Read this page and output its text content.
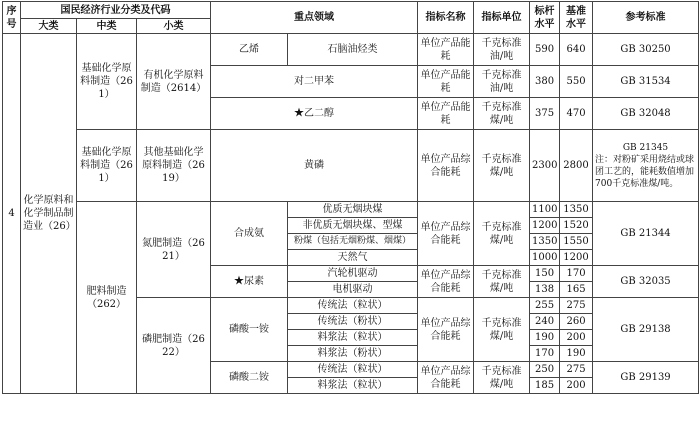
序号	国民经济行业分类及代码			重点领域		指标名称	指标单位	标杆水平	基准水平	参考标准
	大类	中类	小类							
4	化学原料和化学制品制造业（26）	基础化学原料制造（261）	有机化学原料制造（2614）	乙烯	石脑油烃类	单位产品能耗	千克标准油/吨	590	640	GB 30250
				对二甲苯		单位产品能耗	千克标准油/吨	380	550	GB 31534
				★乙二醇		单位产品能耗	千克标准煤/吨	375	470	GB 32048
		基础化学原料制造（261）	其他基础化学原料制造（2619）	黄磷		单位产品综合能耗	千克标准煤/吨	2300	2800	GB 21345
注：对粉矿采用烧结或球团工艺的，能耗数值增加700千克标准煤/吨。

		肥料制造（262）	氮肥制造（2621）	合成氨	优质无烟块煤	单位产品综合能耗	千克标准煤/吨	1100	1350	GB 21344
					非优质无烟块煤、型煤			1200	1520	
					粉煤（包括无烟粉煤、烟煤）			1350	1550	
					天然气			1000	1200	
				★尿素	汽轮机驱动	单位产品综合能耗	千克标准煤/吨	150	170	GB 32035
					电机驱动			138	165	
			磷肥制造（2622）	磷酸一铵	传统法（粒状）	单位产品综合能耗	千克标准煤/吨	255	275	GB 29138
					传统法（粉状）			240	260	
					料浆法（粒状）			190	200	
					料浆法（粉状）			170	190	
				磷酸二铵	传统法（粒状）	单位产品综合能耗	千克标准煤/吨	250	275	GB 29139
					料浆法（粒状）			185	200	
